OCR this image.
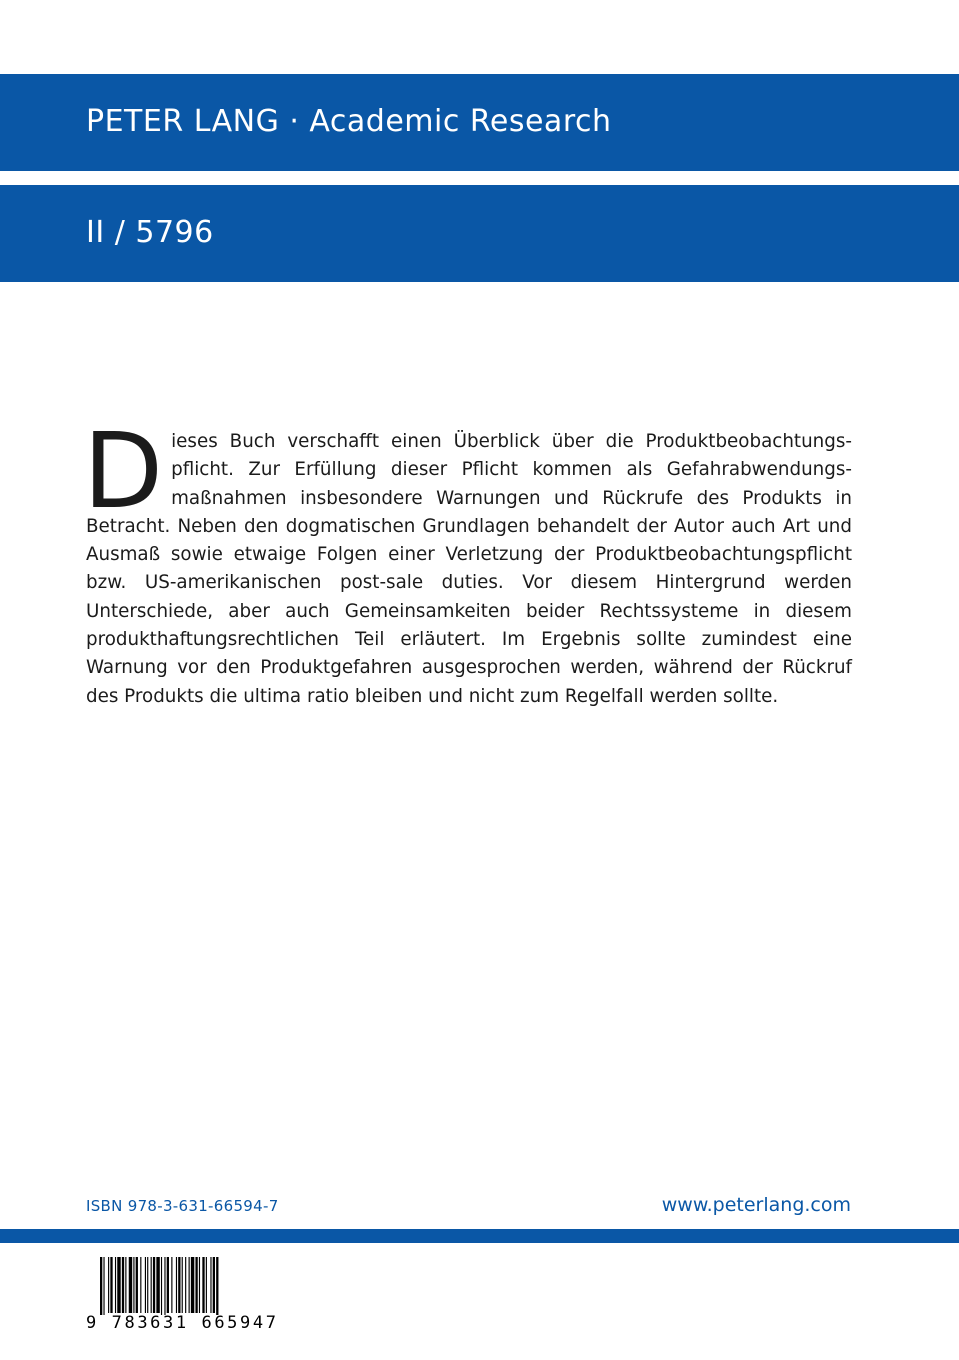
PETER LANG · Academic Research
II / 5796
Dieses Buch verschafft einen Überblick über die Produktbeobachtungspflicht. Zur Erfüllung dieser Pflicht kommen als Gefahrabwendungsmaßnahmen insbesondere Warnungen und Rückrufe des Produkts in Betracht. Neben den dogmatischen Grundlagen behandelt der Autor auch Art und Ausmaß sowie etwaige Folgen einer Verletzung der Produktbeobachtungspflicht bzw. US-amerikanischen post-sale duties. Vor diesem Hintergrund werden Unterschiede, aber auch Gemeinsamkeiten beider Rechtssysteme in diesem produkthaftungsrechtlichen Teil erläutert. Im Ergebnis sollte zumindest eine Warnung vor den Produktgefahren ausgesprochen werden, während der Rückruf des Produkts die ultima ratio bleiben und nicht zum Regelfall werden sollte.
ISBN 978-3-631-66594-7	www.peterlang.com
9 783631 665947
